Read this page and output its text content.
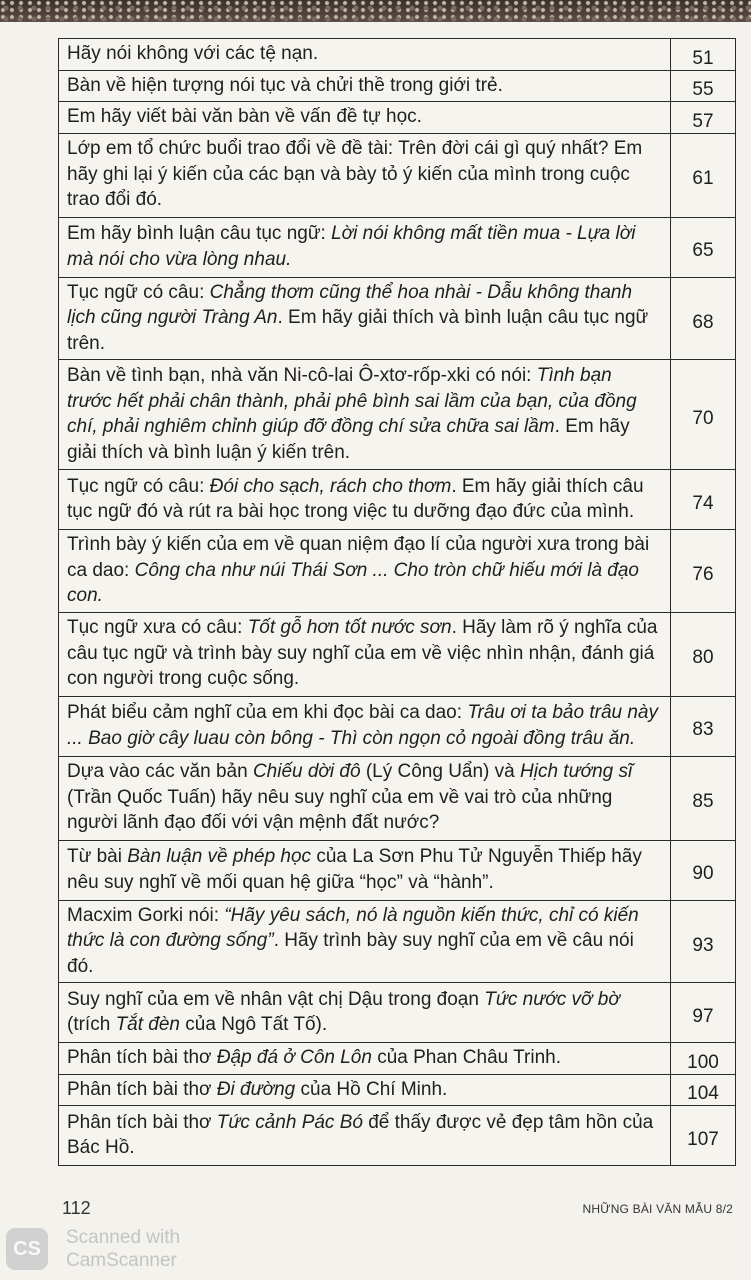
Hãy nói không với các tệ nạn.	51
Bàn về hiện tượng nói tục và chửi thề trong giới trẻ.	55
Em hãy viết bài văn bàn về vấn đề tự học.	57
Lớp em tổ chức buổi trao đổi về đề tài: Trên đời cái gì quý nhất? Em hãy ghi lại ý kiến của các bạn và bày tỏ ý kiến của mình trong cuộc trao đổi đó.	61
Em hãy bình luận câu tục ngữ: Lời nói không mất tiền mua - Lựa lời mà nói cho vừa lòng nhau.	65
Tục ngữ có câu: Chẳng thơm cũng thể hoa nhài - Dẫu không thanh lịch cũng người Tràng An. Em hãy giải thích và bình luận câu tục ngữ trên.	68
Bàn về tình bạn, nhà văn Ni-cô-lai Ô-xtơ-rốp-xki có nói: Tình bạn trước hết phải chân thành, phải phê bình sai lầm của bạn, của đồng chí, phải nghiêm chỉnh giúp đỡ đồng chí sửa chữa sai lầm. Em hãy giải thích và bình luận ý kiến trên.	70
Tục ngữ có câu: Đói cho sạch, rách cho thơm. Em hãy giải thích câu tục ngữ đó và rút ra bài học trong việc tu dưỡng đạo đức của mình.	74
Trình bày ý kiến của em về quan niệm đạo lí của người xưa trong bài ca dao: Công cha như núi Thái Sơn ... Cho tròn chữ hiếu mới là đạo con.	76
Tục ngữ xưa có câu: Tốt gỗ hơn tốt nước sơn. Hãy làm rõ ý nghĩa của câu tục ngữ và trình bày suy nghĩ của em về việc nhìn nhận, đánh giá con người trong cuộc sống.	80
Phát biểu cảm nghĩ của em khi đọc bài ca dao: Trâu ơi ta bảo trâu này ... Bao giờ cây luau còn bông - Thì còn ngọn cỏ ngoài đồng trâu ăn.	83
Dựa vào các văn bản Chiếu dời đô (Lý Công Uẩn) và Hịch tướng sĩ (Trần Quốc Tuấn) hãy nêu suy nghĩ của em về vai trò của những người lãnh đạo đối với vận mệnh đất nước?	85
Từ bài Bàn luận về phép học của La Sơn Phu Tử Nguyễn Thiếp hãy nêu suy nghĩ về mối quan hệ giữa “học” và “hành”.	90
Macxim Gorki nói: “Hãy yêu sách, nó là nguồn kiến thức, chỉ có kiến thức là con đường sống”. Hãy trình bày suy nghĩ của em về câu nói đó.	93
Suy nghĩ của em về nhân vật chị Dậu trong đoạn Tức nước vỡ bờ (trích Tắt đèn của Ngô Tất Tố).	97
Phân tích bài thơ Đập đá ở Côn Lôn của Phan Châu Trinh.	100
Phân tích bài thơ Đi đường của Hồ Chí Minh.	104
Phân tích bài thơ Tức cảnh Pác Bó để thấy được vẻ đẹp tâm hồn của Bác Hồ.	107
112	NHỮNG BÀI VĂN MẪU 8/2
CS
Scanned with
CamScanner
